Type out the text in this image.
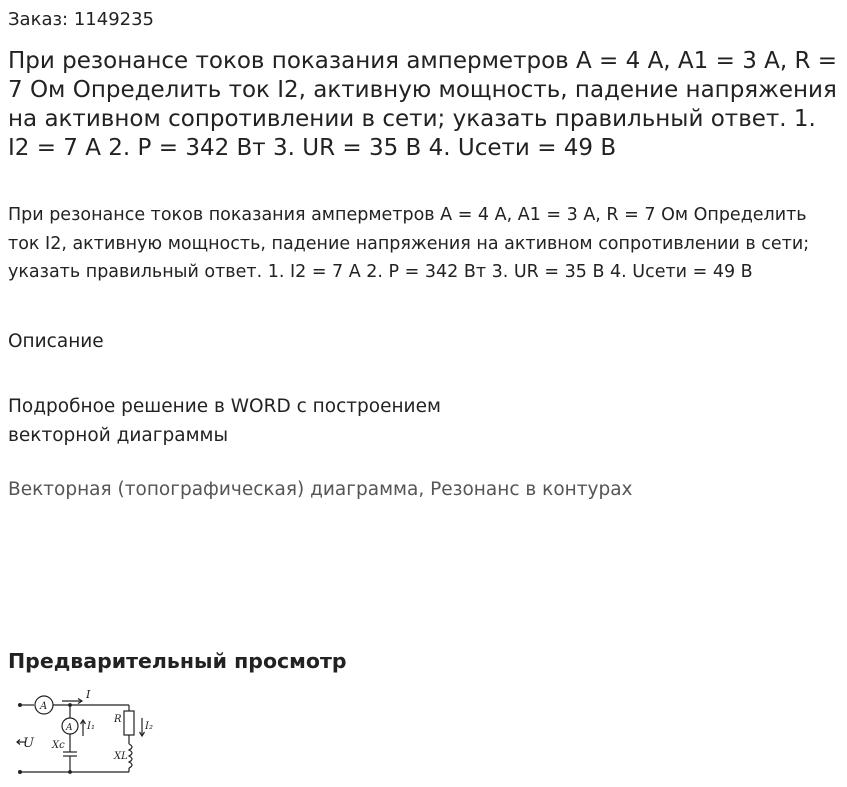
Заказ: 1149235
При резонансе токов показания амперметров А = 4 А, А1 = 3 А, R = 7 Ом Определить ток I2, активную мощность, падение напряжения на активном сопротивлении в сети; указать правильный ответ. 1. I2 = 7 А 2. Р = 342 Вт 3. UR = 35 В 4. Uсети = 49 В

При резонансе токов показания амперметров А = 4 А, А1 = 3 А, R = 7 Ом Определить ток I2, активную мощность, падение напряжения на активном сопротивлении в сети; указать правильный ответ. 1. I2 = 7 А 2. Р = 342 Вт 3. UR = 35 В 4. Uсети = 49 В

Описание

Подробное решение в WORD с построением
векторной диаграммы

Векторная (топографическая) диаграмма, Резонанс в контурах
Предварительный просмотр
A
I
U
A I₁
Xc
R
XL
I₂
